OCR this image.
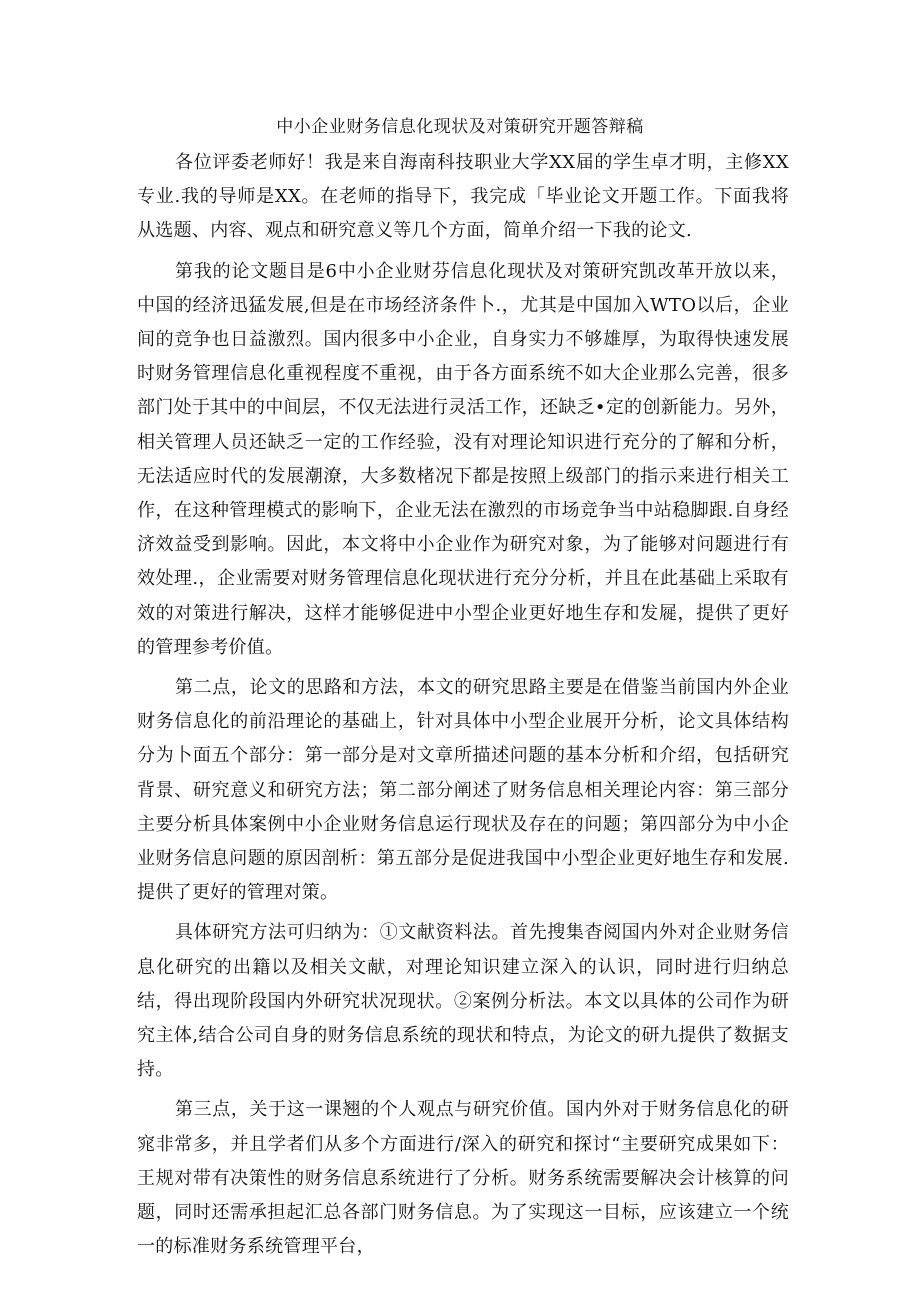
中小企业财务信息化现状及对策研究开题答辩稿

各位评委老师好！我是来自海南科技职业大学XX届的学生卓才明，主修XX专业.我的导师是XX。在老师的指导下，我完成「毕业论文开题工作。下面我将从选题、内容、观点和研究意义等几个方面，简单介绍一下我的论文.

第我的论文题目是6中小企业财芬信息化现状及对策研究凯改革开放以来，中国的经济迅猛发展,但是在市场经济条件卜.，尤其是中国加入WTO以后，企业间的竞争也日益激烈。国内很多中小企业，自身实力不够雄厚，为取得快速发展时财务管理信息化重视程度不重视，由于各方面系统不如大企业那么完善，很多部门处于其中的中间层，不仅无法进行灵活工作，还缺乏•定的创新能力。另外，相关管理人员还缺乏一定的工作经验，没有对理论知识进行充分的了解和分析，无法适应时代的发展潮潦，大多数楮况下都是按照上级部门的指示来进行相关工作，在这种管理模式的影响下，企业无法在激烈的市场竞争当中站稳脚跟.自身经济效益受到影响。因此，本文将中小企业作为研究对象，为了能够对问题进行有效处理.，企业需要对财务管理信息化现状进行充分分析，并且在此基础上采取有效的对策进行解决，这样才能够促进中小型企业更好地生存和发屣，提供了更好的管理参考价值。

第二点，论文的思路和方法，本文的研究思路主要是在借鉴当前国内外企业财务信息化的前沿理论的基础上，针对具体中小型企业展开分析，论文具体结构分为卜面五个部分：第一部分是对文章所描述问题的基本分析和介绍，包括研究背景、研究意义和研究方法；第二部分阐述了财务信息相关理论内容：第三部分主要分析具体案例中小企业财务信息运行现状及存在的问题；第四部分为中小企业财务信息问题的原因剖析：第五部分是促进我国中小型企业更好地生存和发展.提供了更好的管理对策。

具体研究方法可归纳为：①文献资料法。首先搜集杳阅国内外对企业财务信息化研究的出籍以及相关文献，对理论知识建立深入的认识，同时进行归纳总结，得出现阶段国内外研究状况现状。②案例分析法。本文以具体的公司作为研究主体,结合公司自身的财务信息系统的现状和特点，为论文的研九提供了数据支持。

第三点，关于这一课翘的个人观点与研究价值。国内外对于财务信息化的研窕非常多，并且学者们从多个方面进行/深入的研究和探讨“主要研究成果如下：王规对带有决策性的财务信息系统进行了分析。财务系统需要解决会计核算的问题，同时还需承担起汇总各部门财务信息。为了实现这一目标，应该建立一个统一的标准财务系统管理平台，
